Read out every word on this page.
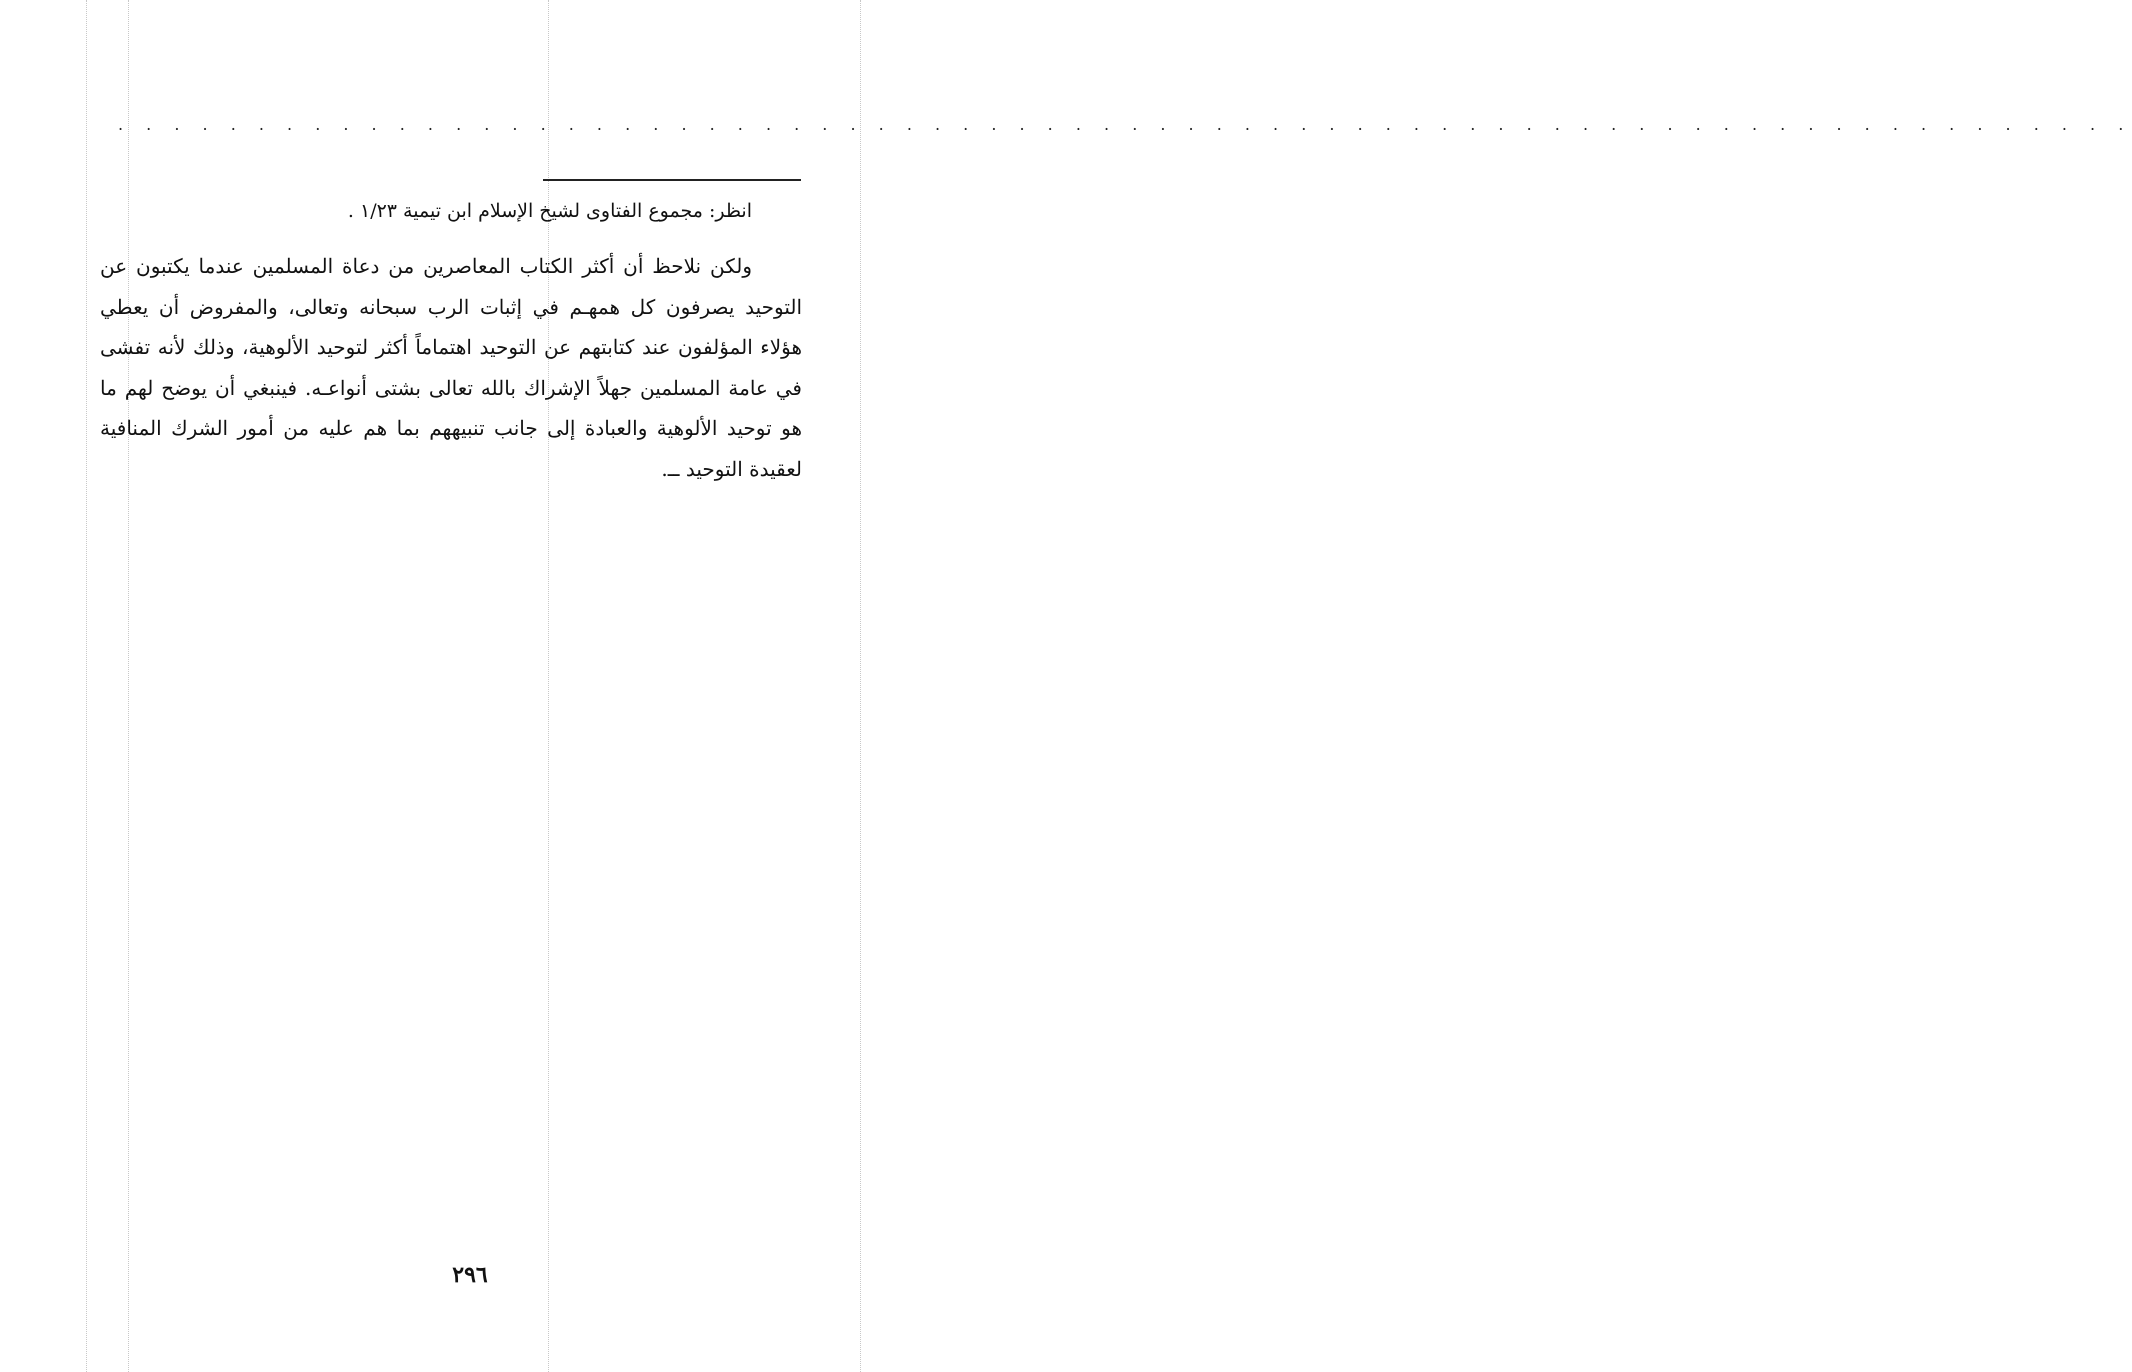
. . . . . . . . . . . . . . . . . . . . . . . . . . . . . . . . . . . . . . . . . . . . . . . . . . . . . . . . . . . . . . . . . . . . . . . .
انظر: مجموع الفتاوى لشيخ الإسلام ابن تيمية ١/٢٣ .

ولكن نلاحظ أن أكثر الكتاب المعاصرين من دعاة المسلمين عندما يكتبون عن التوحيد يصرفون كل همهـم في إثبات الرب سبحانه وتعالى، والمفروض أن يعطي هؤلاء المؤلفون عند كتابتهم عن التوحيد اهتماماً أكثر لتوحيد الألوهية، وذلك لأنه تفشى في عامة المسلمين جهلاً الإشراك بالله تعالى بشتى أنواعـه. فينبغي أن يوضح لهم ما هو توحيد الألوهية والعبادة إلى جانب تنبيههم بما هم عليه من أمور الشرك المنافية لعقيدة التوحيد ــ.

٢٩٦
